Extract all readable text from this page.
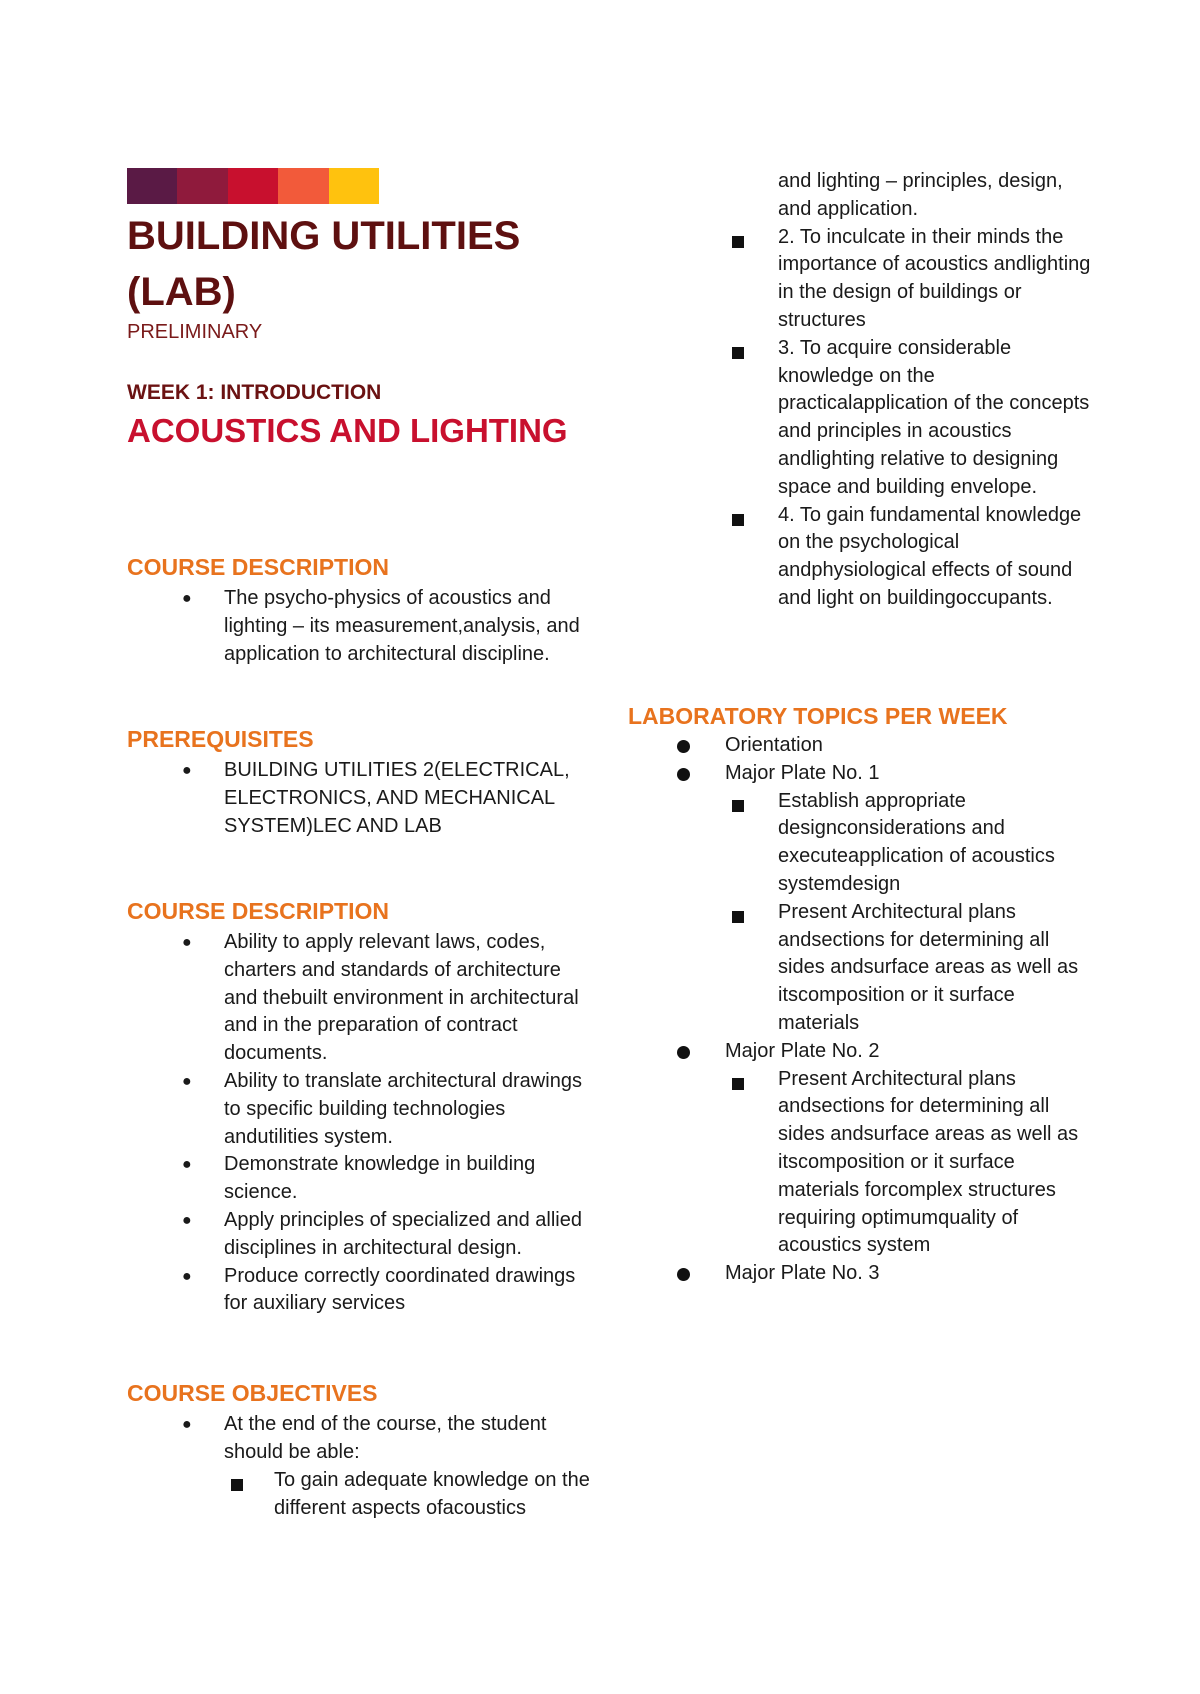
BUILDING UTILITIES (LAB)

PRELIMINARY

WEEK 1: INTRODUCTION

ACOUSTICS AND LIGHTING
COURSE DESCRIPTION
● The psycho-physics of acoustics and lighting – its measurement,analysis, and application to architectural discipline.
PREREQUISITES
● BUILDING UTILITIES 2(ELECTRICAL, ELECTRONICS, AND MECHANICAL SYSTEM)LEC AND LAB
COURSE DESCRIPTION
● Ability to apply relevant laws, codes, charters and standards of architecture and thebuilt environment in architectural and in the preparation of contract documents.
● Ability to translate architectural drawings to specific building technologies andutilities system.
● Demonstrate knowledge in building science.
● Apply principles of specialized and allied disciplines in architectural design.
● Produce correctly coordinated drawings for auxiliary services
COURSE OBJECTIVES
● At the end of the course, the student should be able:
To gain adequate knowledge on the different aspects ofacoustics
and lighting – principles, design, and application.
2. To inculcate in their minds the importance of acoustics andlighting in the design of buildings or structures
3. To acquire considerable knowledge on the practicalapplication of the concepts and principles in acoustics andlighting relative to designing space and building envelope.
4. To gain fundamental knowledge on the psychological andphysiological effects of sound and light on buildingoccupants.
LABORATORY TOPICS PER WEEK
Orientation
Major Plate No. 1
Establish appropriate designconsiderations and executeapplication of acoustics systemdesign
Present Architectural plans andsections for determining all sides andsurface areas as well as itscomposition or it surface materials
Major Plate No. 2
Present Architectural plans andsections for determining all sides andsurface areas as well as itscomposition or it surface materials forcomplex structures requiring optimumquality of acoustics system
Major Plate No. 3
